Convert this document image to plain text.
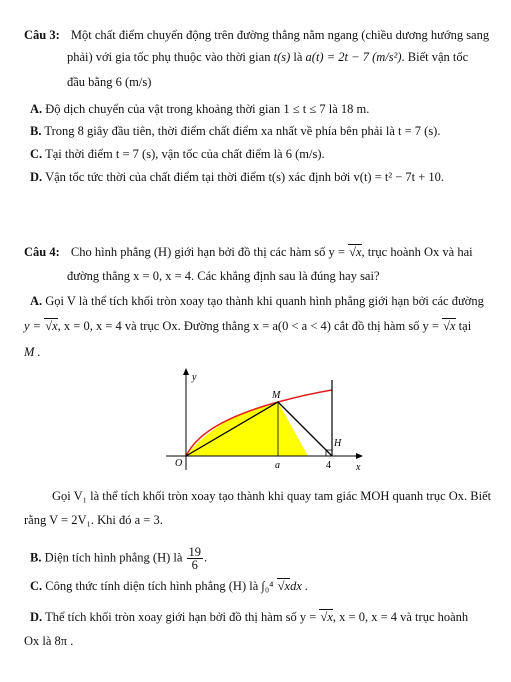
Câu 3: Một chất điểm chuyển động trên đường thẳng nằm ngang (chiều dương hướng sang
phải) với gia tốc phụ thuộc vào thời gian t(s) là a(t) = 2t − 7 (m/s²). Biết vận tốc
đầu bằng 6 (m/s)
A. Độ dịch chuyển của vật trong khoảng thời gian 1 ≤ t ≤ 7 là 18 m.
B. Trong 8 giây đầu tiên, thời điểm chất điểm xa nhất về phía bên phải là t = 7 (s).
C. Tại thời điểm t = 7 (s), vận tốc của chất điểm là 6 (m/s).
D. Vận tốc tức thời của chất điểm tại thời điểm t(s) xác định bởi v(t) = t² − 7t + 10.
Câu 4: Cho hình phẳng (H) giới hạn bởi đồ thị các hàm số y = √x, trục hoành Ox và hai
đường thẳng x = 0, x = 4. Các khẳng định sau là đúng hay sai?
A. Gọi V là thể tích khối tròn xoay tạo thành khi quanh hình phẳng giới hạn bởi các đường
y = √x, x = 0, x = 4 và trục Ox. Đường thẳng x = a(0 < a < 4) cắt đồ thị hàm số y = √x tại
M .
y
M
H
O	a	4	x
Gọi V₁ là thể tích khối tròn xoay tạo thành khi quay tam giác MOH quanh trục Ox. Biết
rằng V = 2V₁. Khi đó a = 3.
B. Diện tích hình phẳng (H) là $\frac{19}{6}$ .
C. Công thức tính diện tích hình phẳng (H) là ∫₀⁴ √xdx .
D. Thể tích khối tròn xoay giới hạn bởi đồ thị hàm số y = √x, x = 0, x = 4 và trục hoành
Ox là 8π .
